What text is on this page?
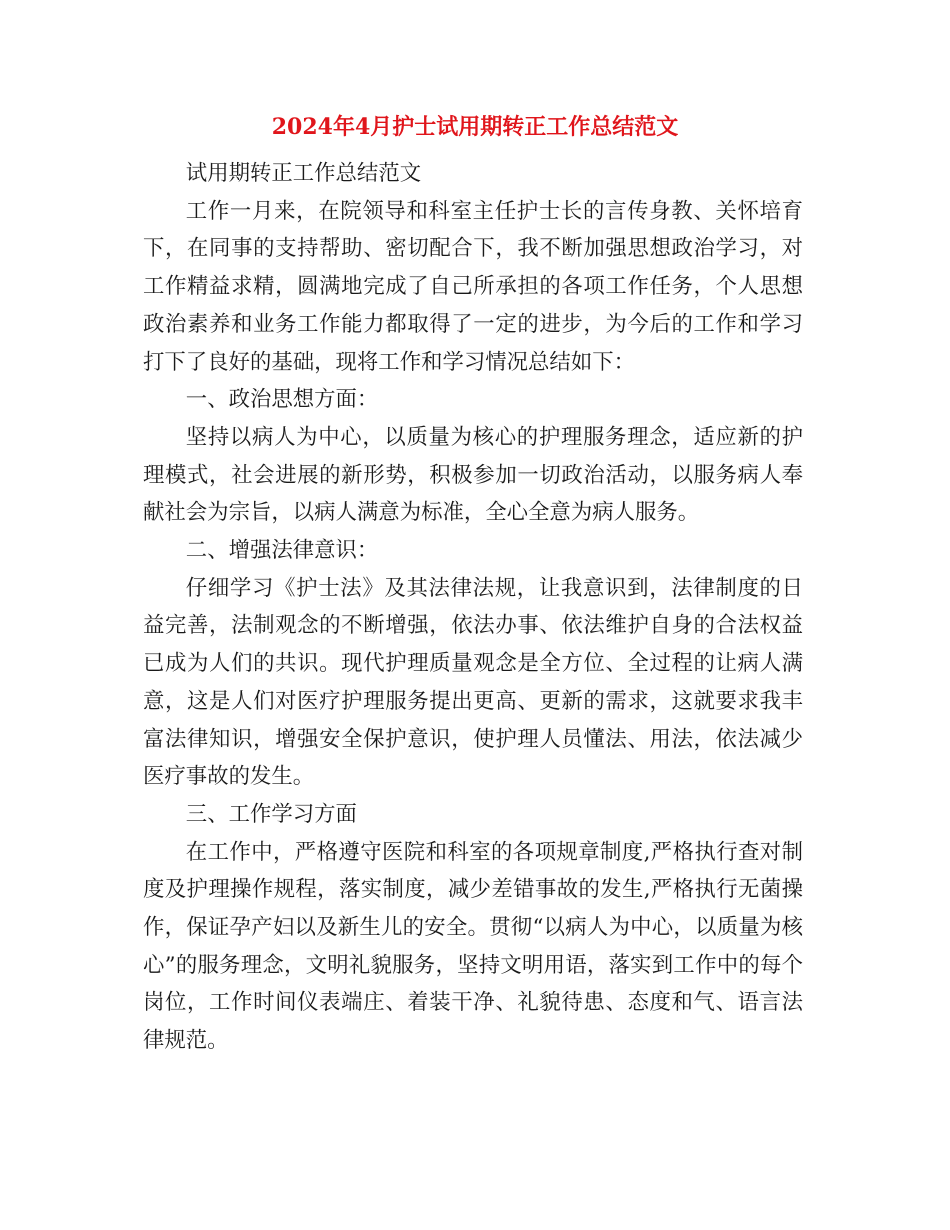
2024年4月护士试用期转正工作总结范文

试用期转正工作总结范文

工作一月来，在院领导和科室主任护士长的言传身教、关怀培育下，在同事的支持帮助、密切配合下，我不断加强思想政治学习，对工作精益求精，圆满地完成了自己所承担的各项工作任务，个人思想政治素养和业务工作能力都取得了一定的进步，为今后的工作和学习打下了良好的基础，现将工作和学习情况总结如下：

一、政治思想方面：

坚持以病人为中心，以质量为核心的护理服务理念，适应新的护理模式，社会进展的新形势，积极参加一切政治活动，以服务病人奉献社会为宗旨，以病人满意为标准，全心全意为病人服务。

二、增强法律意识：

仔细学习《护士法》及其法律法规，让我意识到，法律制度的日益完善，法制观念的不断增强，依法办事、依法维护自身的合法权益已成为人们的共识。现代护理质量观念是全方位、全过程的让病人满意，这是人们对医疗护理服务提出更高、更新的需求，这就要求我丰富法律知识，增强安全保护意识，使护理人员懂法、用法，依法减少医疗事故的发生。

三、工作学习方面

在工作中，严格遵守医院和科室的各项规章制度,严格执行查对制度及护理操作规程，落实制度，减少差错事故的发生,严格执行无菌操作，保证孕产妇以及新生儿的安全。贯彻“以病人为中心，以质量为核心”的服务理念，文明礼貌服务，坚持文明用语，落实到工作中的每个岗位，工作时间仪表端庄、着装干净、礼貌待患、态度和气、语言法律规范。
